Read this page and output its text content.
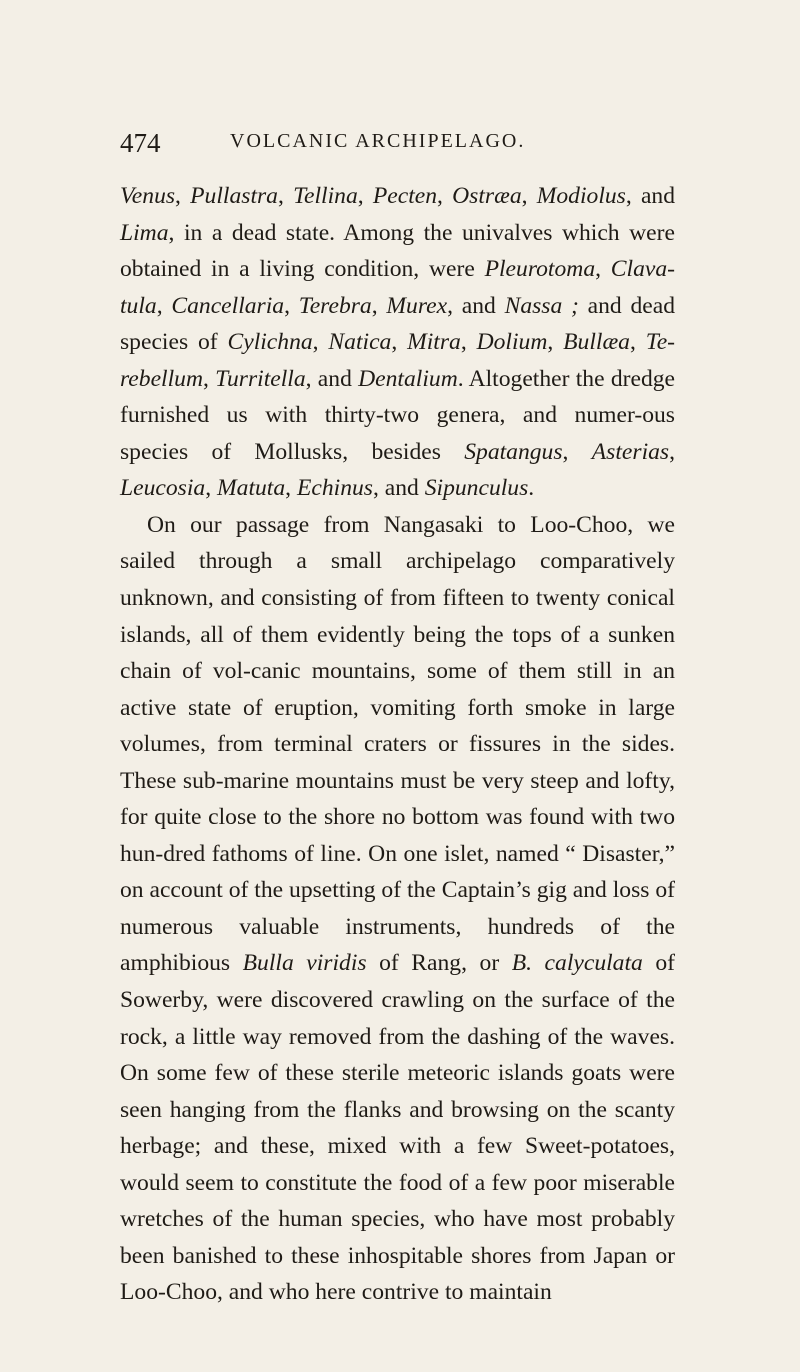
474	VOLCANIC ARCHIPELAGO.

Venus, Pullastra, Tellina, Pecten, Ostræa, Modiolus, and Lima, in a dead state. Among the univalves which were obtained in a living condition, were Pleurotoma, Clava-tula, Cancellaria, Terebra, Murex, and Nassa ; and dead species of Cylichna, Natica, Mitra, Dolium, Bullæa, Te-rebellum, Turritella, and Dentalium. Altogether the dredge furnished us with thirty-two genera, and numer-ous species of Mollusks, besides Spatangus, Asterias, Leucosia, Matuta, Echinus, and Sipunculus.

On our passage from Nangasaki to Loo-Choo, we sailed through a small archipelago comparatively unknown, and consisting of from fifteen to twenty conical islands, all of them evidently being the tops of a sunken chain of vol-canic mountains, some of them still in an active state of eruption, vomiting forth smoke in large volumes, from terminal craters or fissures in the sides. These sub-marine mountains must be very steep and lofty, for quite close to the shore no bottom was found with two hun-dred fathoms of line. On one islet, named “ Disaster,” on account of the upsetting of the Captain’s gig and loss of numerous valuable instruments, hundreds of the amphibious Bulla viridis of Rang, or B. calyculata of Sowerby, were discovered crawling on the surface of the rock, a little way removed from the dashing of the waves. On some few of these sterile meteoric islands goats were seen hanging from the flanks and browsing on the scanty herbage; and these, mixed with a few Sweet-potatoes, would seem to constitute the food of a few poor miserable wretches of the human species, who have most probably been banished to these inhospitable shores from Japan or Loo-Choo, and who here contrive to maintain
